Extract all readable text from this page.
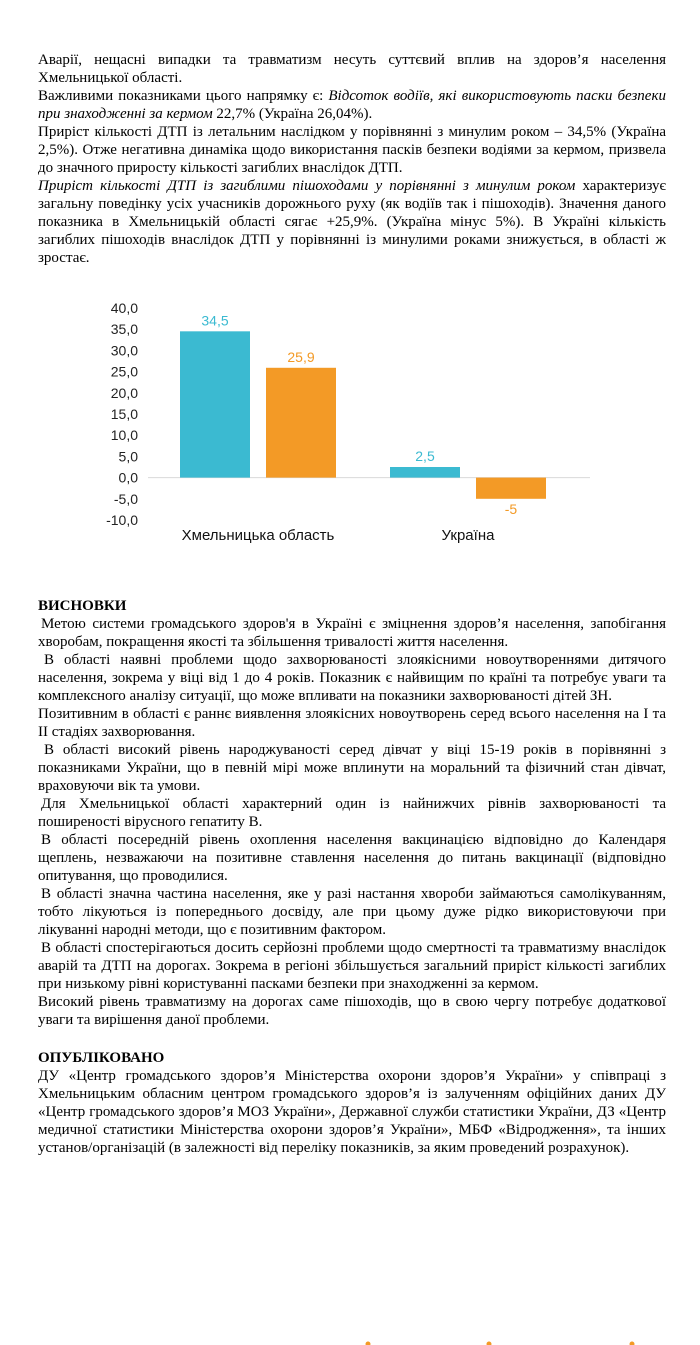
Аварії, нещасні випадки та травматизм несуть суттєвий вплив на здоров’я населення Хмельницької області.

Важливими показниками цього напрямку є: Відсоток водіїв, які використовують паски безпеки при знаходженні за кермом 22,7% (Україна 26,04%).

Приріст кількості ДТП із летальним наслідком у порівнянні з минулим роком – 34,5% (Україна 2,5%). Отже негативна динаміка щодо використання пасків безпеки водіями за кермом, призвела до значного приросту кількості загиблих внаслідок ДТП.

Приріст кількості ДТП із загиблими пішоходами у порівнянні з минулим роком характеризує загальну поведінку усіх учасників дорожнього руху (як водіїв так і пішоходів). Значення даного показника в Хмельницькій області сягає +25,9%. (Україна мінус 5%). В Україні кількість загиблих пішоходів внаслідок ДТП у порівнянні із минулими роками знижується, в області ж зростає.

40,0
35,0
30,0
25,0
20,0
15,0
10,0
5,0
0,0
-5,0
-10,0
34,5
25,9
Хмельницька область
2,5
-5
Україна

ВИСНОВКИ

Метою системи громадського здоров'я в Україні є зміцнення здоров’я населення, запобігання хворобам, покращення якості та збільшення тривалості життя населення.

В області наявні проблеми щодо захворюваності злоякісними новоутвореннями дитячого населення, зокрема у віці від 1 до 4 років. Показник є найвищим по країні та потребує уваги та комплексного аналізу ситуації, що може впливати на показники захворюваності дітей ЗН.

Позитивним в області є раннє виявлення злоякісних новоутворень серед всього населення на І та ІІ стадіях захворювання.

В області високий рівень народжуваності серед дівчат у віці 15-19 років в порівнянні з показниками України, що в певній мірі може вплинути на моральний та фізичний стан дівчат, враховуючи вік та умови.

Для Хмельницької області характерний один із найнижчих рівнів захворюваності та поширеності вірусного гепатиту В.

В області посередній рівень охоплення населення вакцинацією відповідно до Календаря щеплень, незважаючи на позитивне ставлення населення до питань вакцинації (відповідно опитування, що проводилися.

В області значна частина населення, яке у разі настання хвороби займаються самолікуванням, тобто лікуються із попереднього досвіду, але при цьому дуже рідко використовуючи при лікуванні народні методи, що є позитивним фактором.

В області спостерігаються досить серйозні проблеми щодо смертності та травматизму внаслідок аварій та ДТП на дорогах. Зокрема в регіоні збільшується загальний приріст кількості загиблих при низькому рівні користуванні пасками безпеки при знаходженні за кермом.

Високий рівень травматизму на дорогах саме пішоходів, що в свою чергу потребує додаткової уваги та вирішення даної проблеми.

ОПУБЛІКОВАНО

ДУ «Центр громадського здоров’я Міністерства охорони здоров’я України» у співпраці з Хмельницьким обласним центром громадського здоров’я із залученням офіційних даних ДУ «Центр громадського здоров’я МОЗ України», Державної служби статистики України, ДЗ «Центр медичної статистики Міністерства охорони здоров’я України», МБФ «Відродження», та інших установ/організацій (в залежності від переліку показників, за яким проведений розрахунок).
